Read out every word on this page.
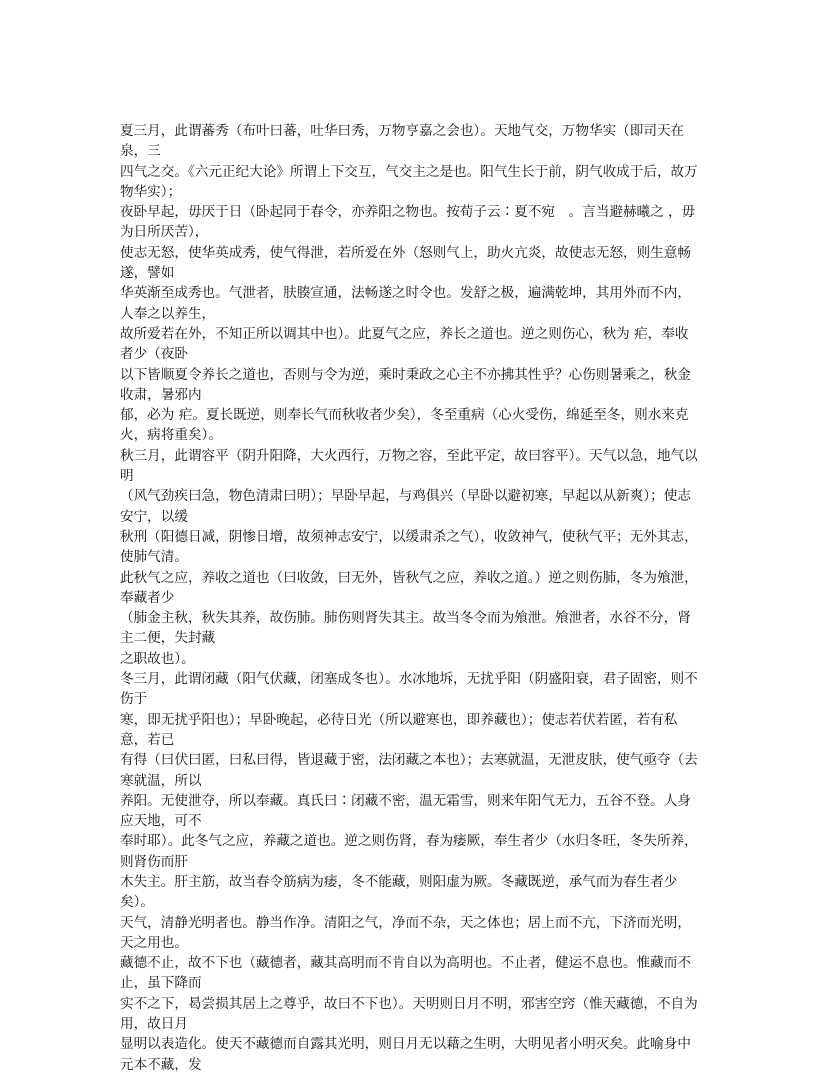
夏三月，此谓蕃秀（布叶曰蕃，吐华曰秀，万物亨嘉之会也）。天地气交，万物华实（即司天在泉，三
四气之交。《六元正纪大论》所谓上下交互，气交主之是也。阳气生长于前，阴气收成于后，故万物华实）；
夜卧早起，毋厌于日（卧起同于春令，亦养阳之物也。按荀子云∶夏不宛　。言当避赫曦之 ，毋为日所厌苦），
使志无怒，使华英成秀，使气得泄，若所爱在外（怒则气上，助火亢炎，故使志无怒，则生意畅遂，譬如
华英渐至成秀也。气泄者，肤腠宣通，法畅遂之时令也。发舒之极，遍满乾坤，其用外而不内，人奉之以养生，
故所爱若在外，不知正所以调其中也）。此夏气之应，养长之道也。逆之则伤心，秋为 疟，奉收者少（夜卧
以下皆顺夏令养长之道也，否则与令为逆，乘时秉政之心主不亦拂其性乎？心伤则暑乘之，秋金收肃，暑邪内
郁，必为 疟。夏长既逆，则奉长气而秋收者少矣），冬至重病（心火受伤，绵延至冬，则水来克火，病将重矣）。
秋三月，此谓容平（阴升阳降，大火西行，万物之容，至此平定，故曰容平）。天气以急，地气以明
（风气劲疾曰急，物色清肃曰明）；早卧早起，与鸡俱兴（早卧以避初寒，早起以从新爽）；使志安宁，以缓
秋刑（阳德日减，阴惨日增，故须神志安宁，以缓肃杀之气），收敛神气，使秋气平；无外其志，使肺气清。
此秋气之应，养收之道也（曰收敛，曰无外，皆秋气之应，养收之道。）逆之则伤肺，冬为飧泄，奉藏者少
（肺金主秋，秋失其养，故伤肺。肺伤则肾失其主。故当冬令而为飧泄。飧泄者，水谷不分，肾主二便，失封藏
之职故也）。
冬三月，此谓闭藏（阳气伏藏，闭塞成冬也）。水冰地坼，无扰乎阳（阴盛阳衰，君子固密，则不伤于
寒，即无扰乎阳也）；早卧晚起，必待日光（所以避寒也，即养藏也）；使志若伏若匿，若有私意，若已
有得（曰伏曰匿，曰私曰得，皆退藏于密，法闭藏之本也）；去寒就温，无泄皮肤，使气亟夺（去寒就温，所以
养阳。无使泄夺，所以奉藏。真氏曰∶闭藏不密，温无霜雪，则来年阳气无力，五谷不登。人身应天地，可不
奉时耶）。此冬气之应，养藏之道也。逆之则伤肾，春为痿厥，奉生者少（水归冬旺，冬失所养，则肾伤而肝
木失主。肝主筋，故当春令筋病为痿，冬不能藏，则阳虚为厥。冬藏既逆，承气而为春生者少矣）。
天气，清静光明者也。静当作净。清阳之气，净而不杂，天之体也；居上而不亢，下济而光明，天之用也。
藏德不止，故不下也（藏德者，藏其高明而不肯自以为高明也。不止者，健运不息也。惟藏而不止，虽下降而
实不之下，曷尝损其居上之尊乎，故曰不下也）。天明则日月不明，邪害空窍（惟天藏德，不自为用，故日月
显明以表造化。使天不藏德而自露其光明，则日月无以藉之生明，大明见者小明灭矣。此喻身中元本不藏，发
